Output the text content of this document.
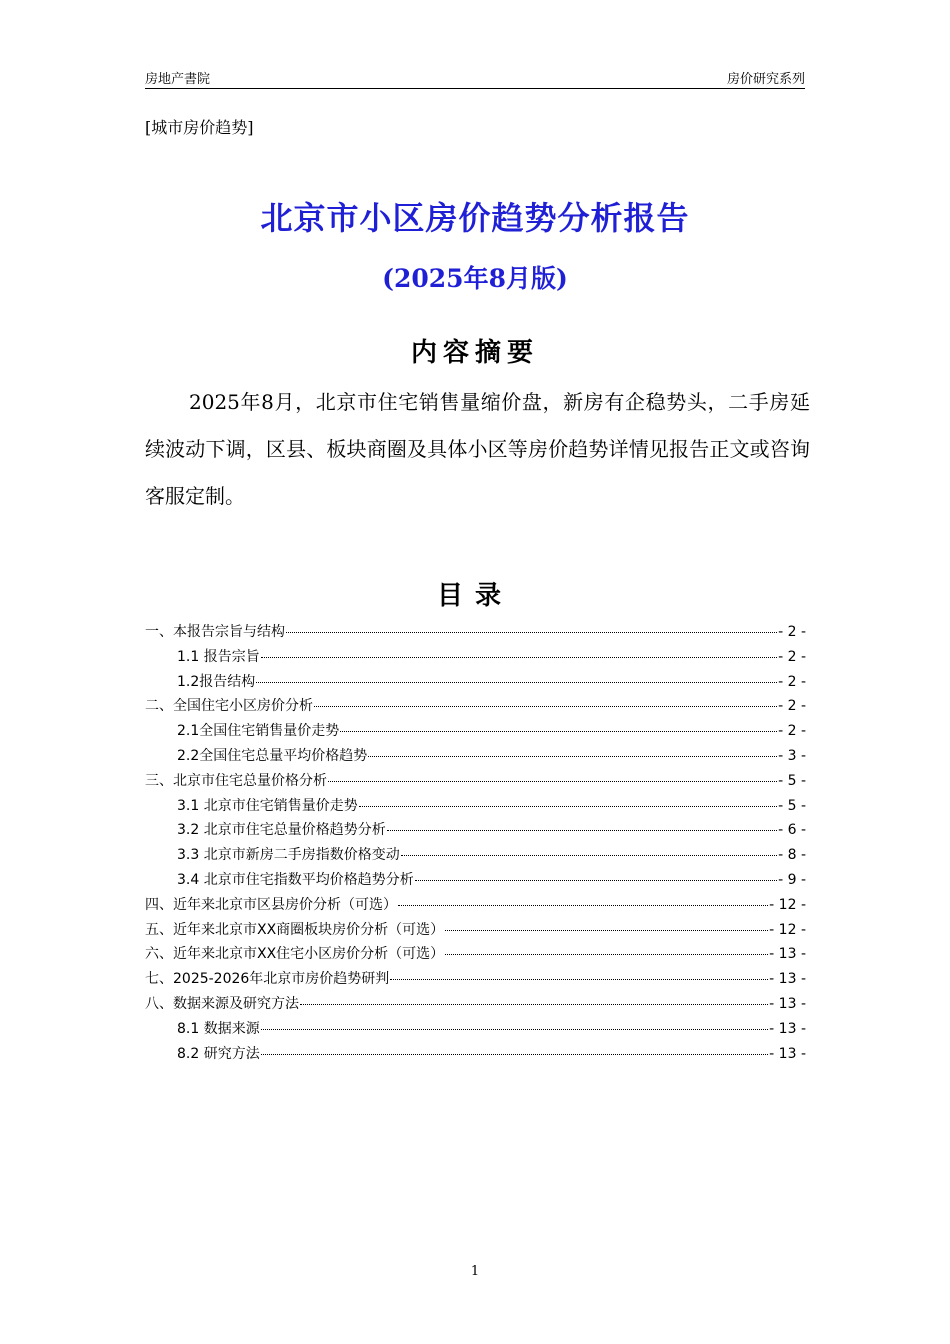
房地产書院	房价研究系列
[城市房价趋势]
北京市小区房价趋势分析报告
(2025年8月版)
内容摘要
2025年8月，北京市住宅销售量缩价盘，新房有企稳势头，二手房延续波动下调，区县、板块商圈及具体小区等房价趋势详情见报告正文或咨询客服定制。
目录
一、本报告宗旨与结构	- 2 -
1.1 报告宗旨	- 2 -
1.2报告结构	- 2 -
二、全国住宅小区房价分析	- 2 -
2.1全国住宅销售量价走势	- 2 -
2.2全国住宅总量平均价格趋势	- 3 -
三、北京市住宅总量价格分析	- 5 -
3.1 北京市住宅销售量价走势	- 5 -
3.2 北京市住宅总量价格趋势分析	- 6 -
3.3 北京市新房二手房指数价格变动	- 8 -
3.4 北京市住宅指数平均价格趋势分析	- 9 -
四、近年来北京市区县房价分析（可选）	- 12 -
五、近年来北京市XX商圈板块房价分析（可选）	- 12 -
六、近年来北京市XX住宅小区房价分析（可选）	- 13 -
七、2025-2026年北京市房价趋势研判	- 13 -
八、数据来源及研究方法	- 13 -
8.1 数据来源	- 13 -
8.2 研究方法	- 13 -
1
